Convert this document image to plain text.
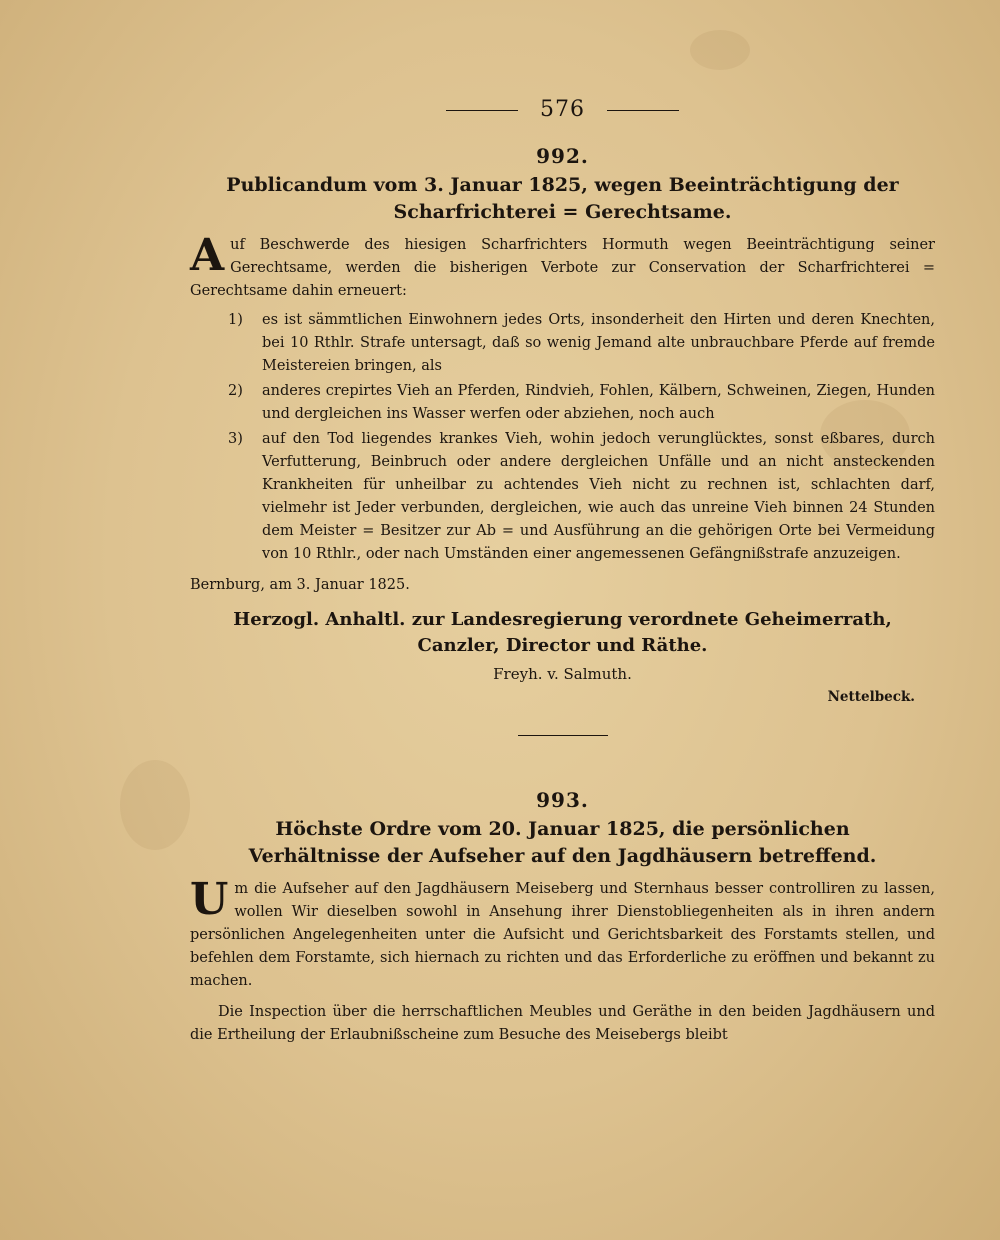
576
992.
Publicandum vom 3. Januar 1825, wegen Beeinträchtigung der Scharfrichterei = Gerechtsame.

A uf Beschwerde des hiesigen Scharfrichters Hormuth wegen Beeinträchtigung seiner Gerechtsame, werden die bisherigen Verbote zur Conservation der Scharfrichterei = Gerechtsame dahin erneuert:

1) es ist sämmtlichen Einwohnern jedes Orts, insonderheit den Hirten und deren Knechten, bei 10 Rthlr. Strafe untersagt, daß so wenig Jemand alte unbrauchbare Pferde auf fremde Meistereien bringen, als
2) anderes crepirtes Vieh an Pferden, Rindvieh, Fohlen, Kälbern, Schweinen, Ziegen, Hunden und dergleichen ins Wasser werfen oder abziehen, noch auch
3) auf den Tod liegendes krankes Vieh, wohin jedoch verunglücktes, sonst eßbares, durch Verfutterung, Beinbruch oder andere dergleichen Unfälle und an nicht ansteckenden Krankheiten für unheilbar zu achtendes Vieh nicht zu rechnen ist, schlachten darf, vielmehr ist Jeder verbunden, dergleichen, wie auch das unreine Vieh binnen 24 Stunden dem Meister = Besitzer zur Ab = und Ausführung an die gehörigen Orte bei Vermeidung von 10 Rthlr., oder nach Umständen einer angemessenen Gefängnißstrafe anzuzeigen.
Bernburg, am 3. Januar 1825.
Herzogl. Anhaltl. zur Landesregierung verordnete Geheimerrath, Canzler, Director und Räthe.
Freyh. v. Salmuth.
Nettelbeck.
993.
Höchste Ordre vom 20. Januar 1825, die persönlichen Verhältnisse der Aufseher auf den Jagdhäusern betreffend.

U m die Aufseher auf den Jagdhäusern Meiseberg und Sternhaus besser controlliren zu lassen, wollen Wir dieselben sowohl in Ansehung ihrer Dienstobliegenheiten als in ihren andern persönlichen Angelegenheiten unter die Aufsicht und Gerichtsbarkeit des Forstamts stellen, und befehlen dem Forstamte, sich hiernach zu richten und das Erforderliche zu eröffnen und bekannt zu machen.

Die Inspection über die herrschaftlichen Meubles und Geräthe in den beiden Jagdhäusern und die Ertheilung der Erlaubnißscheine zum Besuche des Meisebergs bleibt
